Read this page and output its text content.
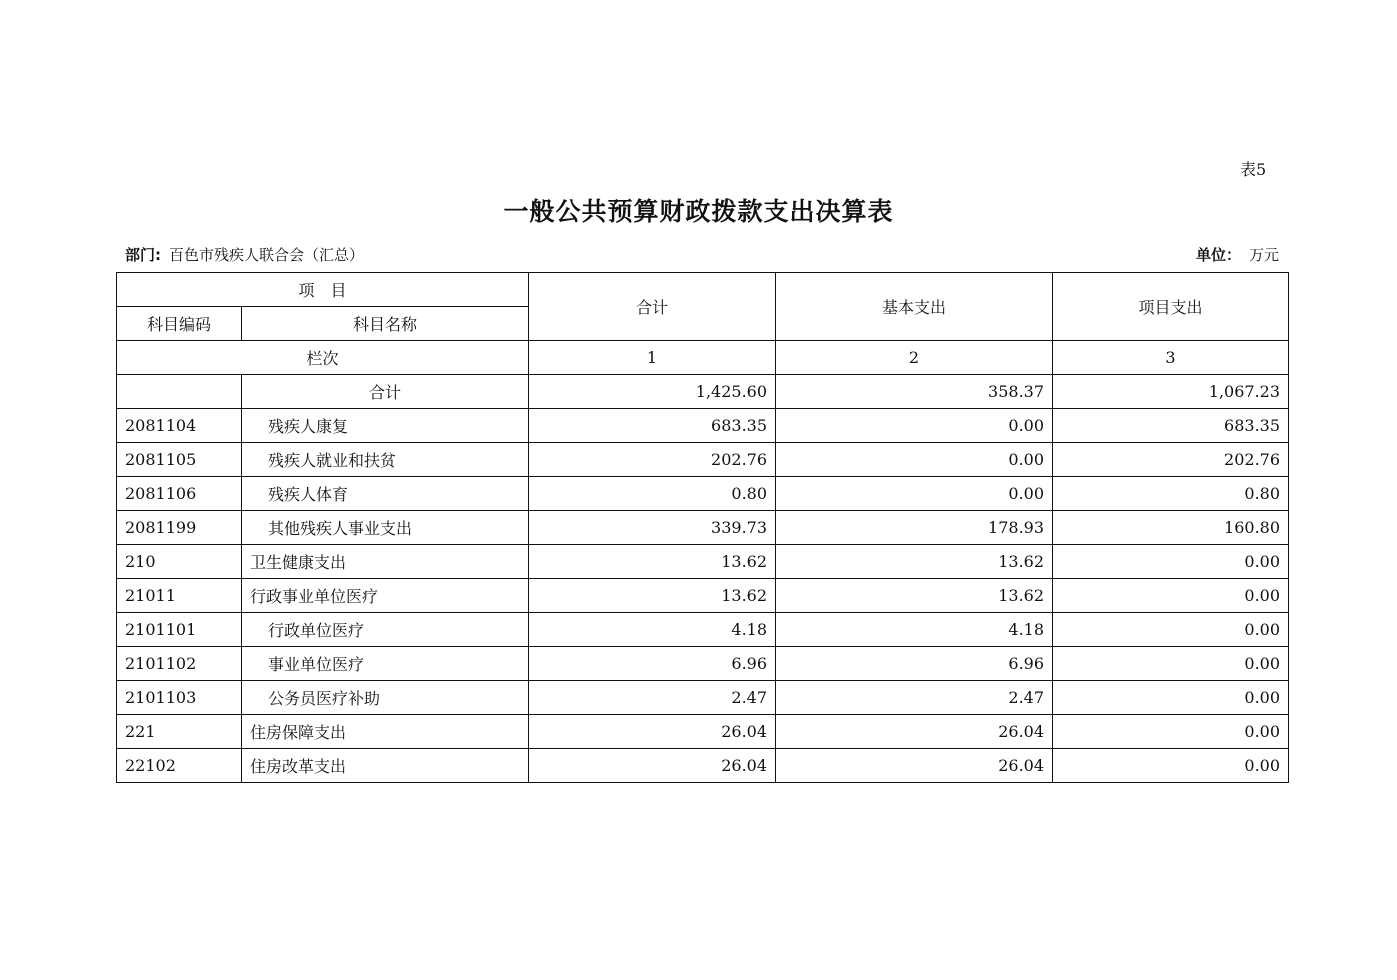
表5
一般公共预算财政拨款支出决算表
部门: 百色市残疾人联合会（汇总）	单位： 万元
项　目		合计	基本支出	项目支出
科目编码	科目名称			
栏次		1	2	3
	合计	1,425.60	358.37	1,067.23
2081104	残疾人康复	683.35	0.00	683.35
2081105	残疾人就业和扶贫	202.76	0.00	202.76
2081106	残疾人体育	0.80	0.00	0.80
2081199	其他残疾人事业支出	339.73	178.93	160.80
210	卫生健康支出	13.62	13.62	0.00
21011	行政事业单位医疗	13.62	13.62	0.00
2101101	行政单位医疗	4.18	4.18	0.00
2101102	事业单位医疗	6.96	6.96	0.00
2101103	公务员医疗补助	2.47	2.47	0.00
221	住房保障支出	26.04	26.04	0.00
22102	住房改革支出	26.04	26.04	0.00
